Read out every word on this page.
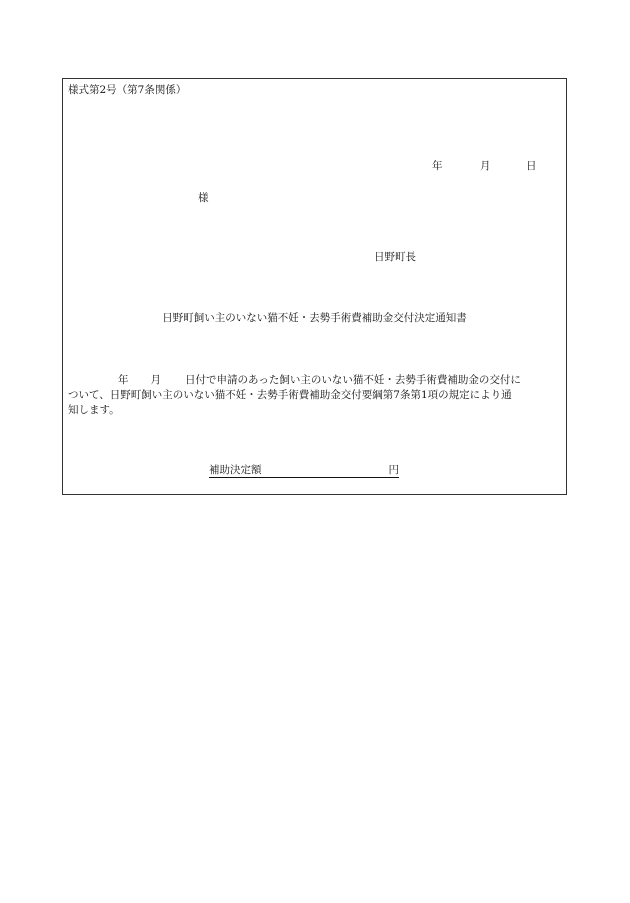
様式第2号（第7条関係）
年	月	日
様
日野町長
日野町飼い主のいない猫不妊・去勢手術費補助金交付決定通知書
年 月 日付で申請のあった飼い主のいない猫不妊・去勢手術費補助金の交付に
ついて、日野町飼い主のいない猫不妊・去勢手術費補助金交付要綱第7条第1項の規定により通
知します。
補助決定額	円
